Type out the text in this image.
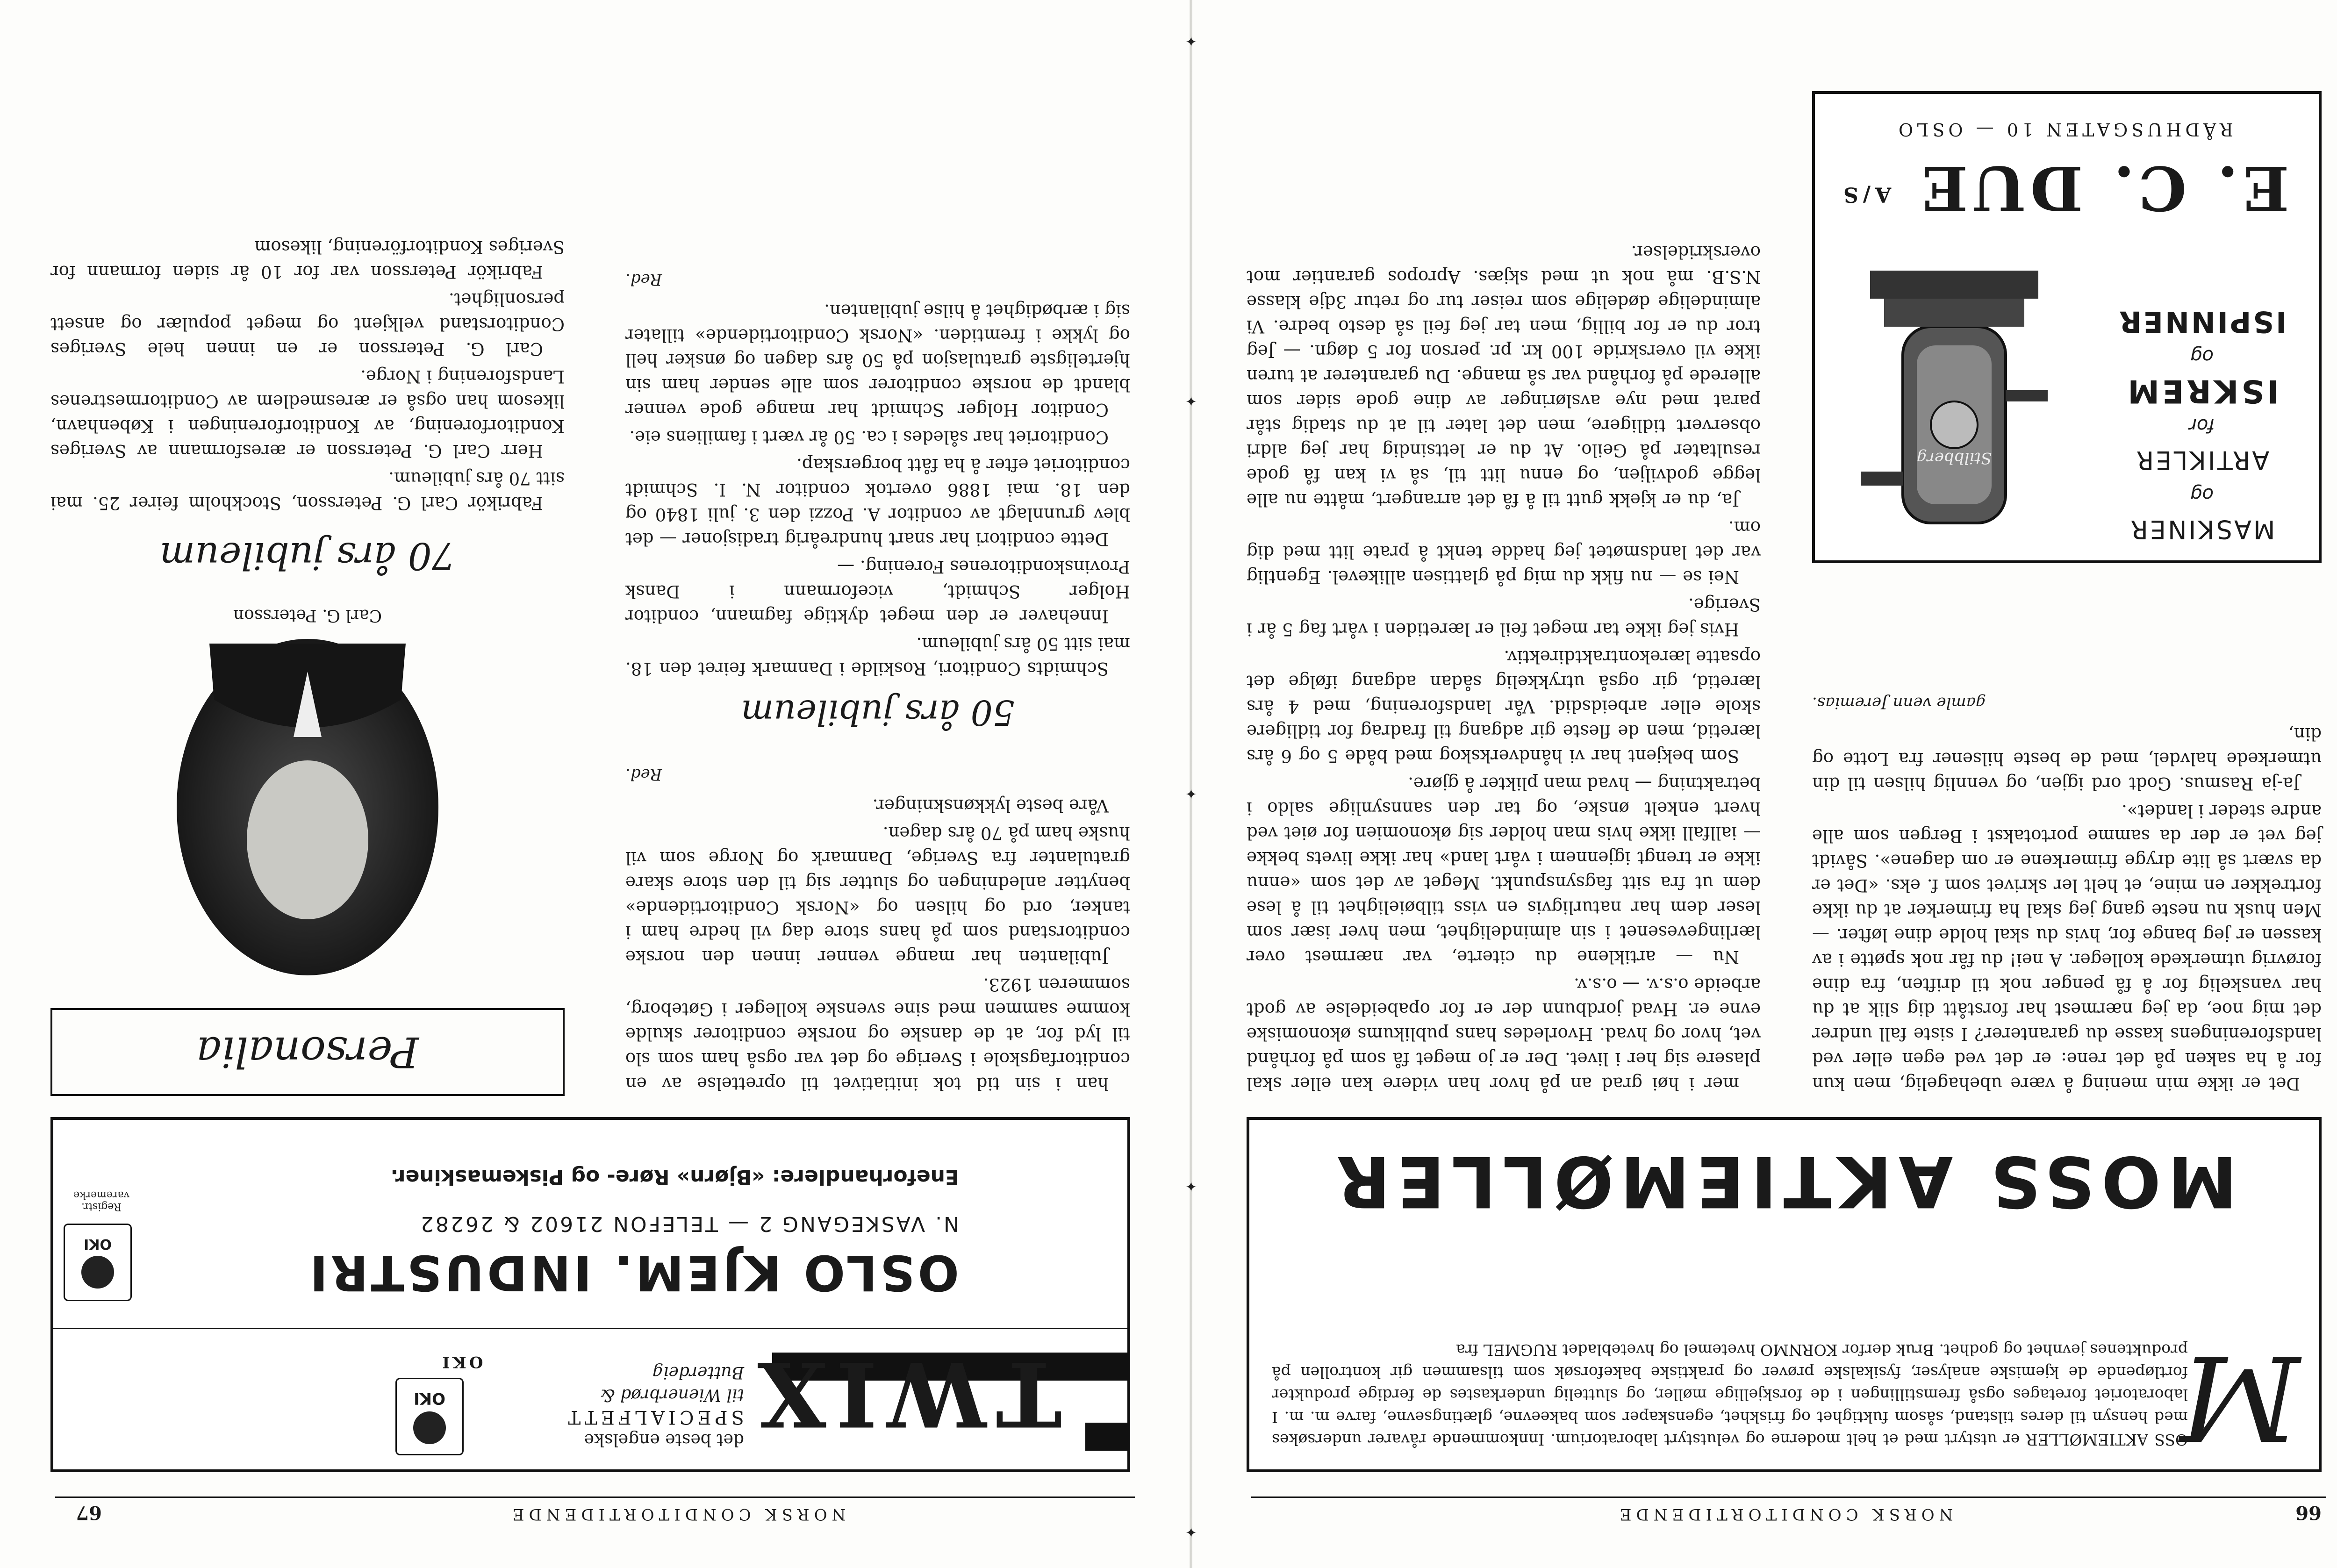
✦
✦
✦
✦
✦
66
NORSK CONDITORTIDENDE
M
OSS AKTIEMØLLER er utstyrt med et helt moderne og velutstyrt laboratorium. Innkommende råvarer undersøkes med hensyn til deres tilstand, såsom fuktighet og friskhet, egenskaper som bakeevne, glætingsevne, farve m. m. I laboratoriet foretages også fremstillingen i de forskjellige møller, og sluttelig underkastes de ferdige produkter fortløpende de kjemiske analyser, fysikalske prøver og praktiske bakeforsøk som tilsammen gir kontrollen på produktenes jevnhet og godhet. Bruk derfor KORNMO hvetemel og hvetebladet RUGMEL fra
MOSS AKTIEMØLLER

Det er ikke min mening å være ubehagelig, men kun for å ha saken på det rene: er det ved egen eller ved landsforeningens kasse du garanterer? I siste fall undrer det mig noe, da jeg nærmest har forstått dig slik at du har vanskelig for å få penger nok til driften, fra dine forøvrig utmerkede kolleger. A nei! du får nok spøtte i av kassen er jeg bange for, hvis du skal holde dine løfter. — Men husk nu neste gang jeg skal ha frimerker at du ikke fortrekker en mine, et helt ler skrivet som f. eks. «Det er da svært så lite dryge frimerkene er om dagene». Såvidt jeg vet er der da samme portotakst i Bergen som alle andre steder i landet».

Ja-ja Rasmus. Godt ord igjen, og vennlig hilsen til din utmerkede halvdel, med de beste hilsener fra Lotte og din,

gamle venn Jeremias.
MASKINER
og
ARTIKLER
for
ISKREM
og
ISPINNER
Stilbberg
E. C. DUE $^{A/S}$
RÅDHUSGATEN 10 — OSLO

mer i høi grad an på hvor han videre kan eller skal plasere sig her i livet. Der er jo meget få som på forhånd vet, hvor og hvad. Hvorledes hans publikums økonomiske evne er. Hvad jordbunn der er for opabeidelse av godt arbeide o.s.v. — o.s.v.

Nu — artiklene du citerte, var nærmest over lærlingevesenet i sin almindelighet, men hver især som leser dem har naturligvis en viss tilbøielighet til å lese dem ut fra sitt fagsynspunkt. Meget av det som «ennu ikke er trengt igjennem i vårt land» har ikke livets bekke — iallfall ikke hvis man holder sig økonomien for øiet ved hvert enkelt ønske, og tar den sannsynlige saldo i betraktning — hvad man plikter å gjøre.

Som bekjent har vi håndverkskog med både 5 og 6 års læretid, men de fleste gir adgang til fradrag for tidligere skole eller arbeidsdid. Vår landsforening, med 4 års læretid, gir også utrykkelig sådan adgang ifølge det opsatte lærekontraktdirektiv.

Hvis jeg ikke tar meget feil er læretiden i vårt fag 5 år i Sverige.

Nei se — nu fikk du mig på glattisen allikevel. Egentlig var det landsmøtet jeg hadde tenkt å prate litt med dig om.

Ja, du er kjekk gutt til å få det arrangert, måtte nu alle legge godviljen, og ennu litt til, så vi kan få gode resultater på Geilo. At du er lettsindig har jeg aldri observert tidligere, men det later til at du stadig står parat med nye avsløringer av dine gode sider som allerede på forhånd var så mange. Du garanterer at turen ikke vil overskride 100 kr. pr. person for 5 døgn. — Jeg tror du er for billig, men tar jeg feil så desto bedre. Vi almindelige dødelige som reiser tur og retur 3dje klasse N.S.B. må nok ut med skjæs. Apropos garantier mot overskridelser.

NORSK CONDITORTIDENDE
67
TWIX
det beste engelske
SPECIALFETT
til Wienerbrød &
Butterdeig
OKI
OKI
OSLO KJEM. INDUSTRI
N. VASKEGANG 2 — TELEFON 21602 & 26282
Eneforhandlere: «Bjørn» Røre- og Piskemaskiner.
OKI
Registr. varemerke

han i sin tid tok initiativet til oprettelse av en conditorfagskole i Sverige og det var også ham som slo til lyd for, at de danske og norske conditorer skulde komme sammen med sine svenske kolleger i Gøteborg, sommeren 1923.

Jubilanten har mange venner innen den norske conditorstand som på hans store dag vil hedre ham i tanker, ord og hilsen og «Norsk Conditortidende» benytter anledningen og slutter sig til den store skare gratulanter fra Sverige, Danmark og Norge som vil huske ham på 70 års dagen.

Våre beste lykkønskninger.

Red.
50 års jubileum

Schmidts Conditori, Roskilde i Danmark feiret den 18. mai sitt 50 års jubileum.

Innehaver er den meget dyktige fagmann, conditor Holger Schmidt, viceformann i Dansk Provinskonditorenes Forening. —

Dette conditori har snart hundreårig tradisjoner — det blev grunnlagt av conditor A. Pozzi den 3. juli 1840 og den 18. mai 1886 overtok conditor N. I. Schmidt conditoriet efter å ha fått borgerskap.

Conditoriet har således i ca. 50 år vært i familiens eie.

Conditor Holger Schmidt har mange gode venner blandt de norske conditorer som alle sender ham sin hjerteligste gratulasjon på 50 års dagen og ønsker hell og lykke i fremtiden. «Norsk Conditortidende» tillater sig i ærbødighet å hilse jubilanten.

Red.
Personalia
Carl G. Petersson
70 års jubileum

Fabrikör Carl G. Petersson, Stockholm feirer 25. mai sitt 70 års jubileum.

Herr Carl G. Petersson er æresformann av Sveriges Konditorforening, av Konditorforeningen i København, likesom han også er æresmedlem av Conditormestrenes Landsforening i Norge.

Carl G. Petersson er en innen hele Sveriges Conditorstand velkjent og meget populær og ansett personlighet.

Fabrikör Petersson var for 10 år siden formann for Sveriges Konditorförening, likesom
